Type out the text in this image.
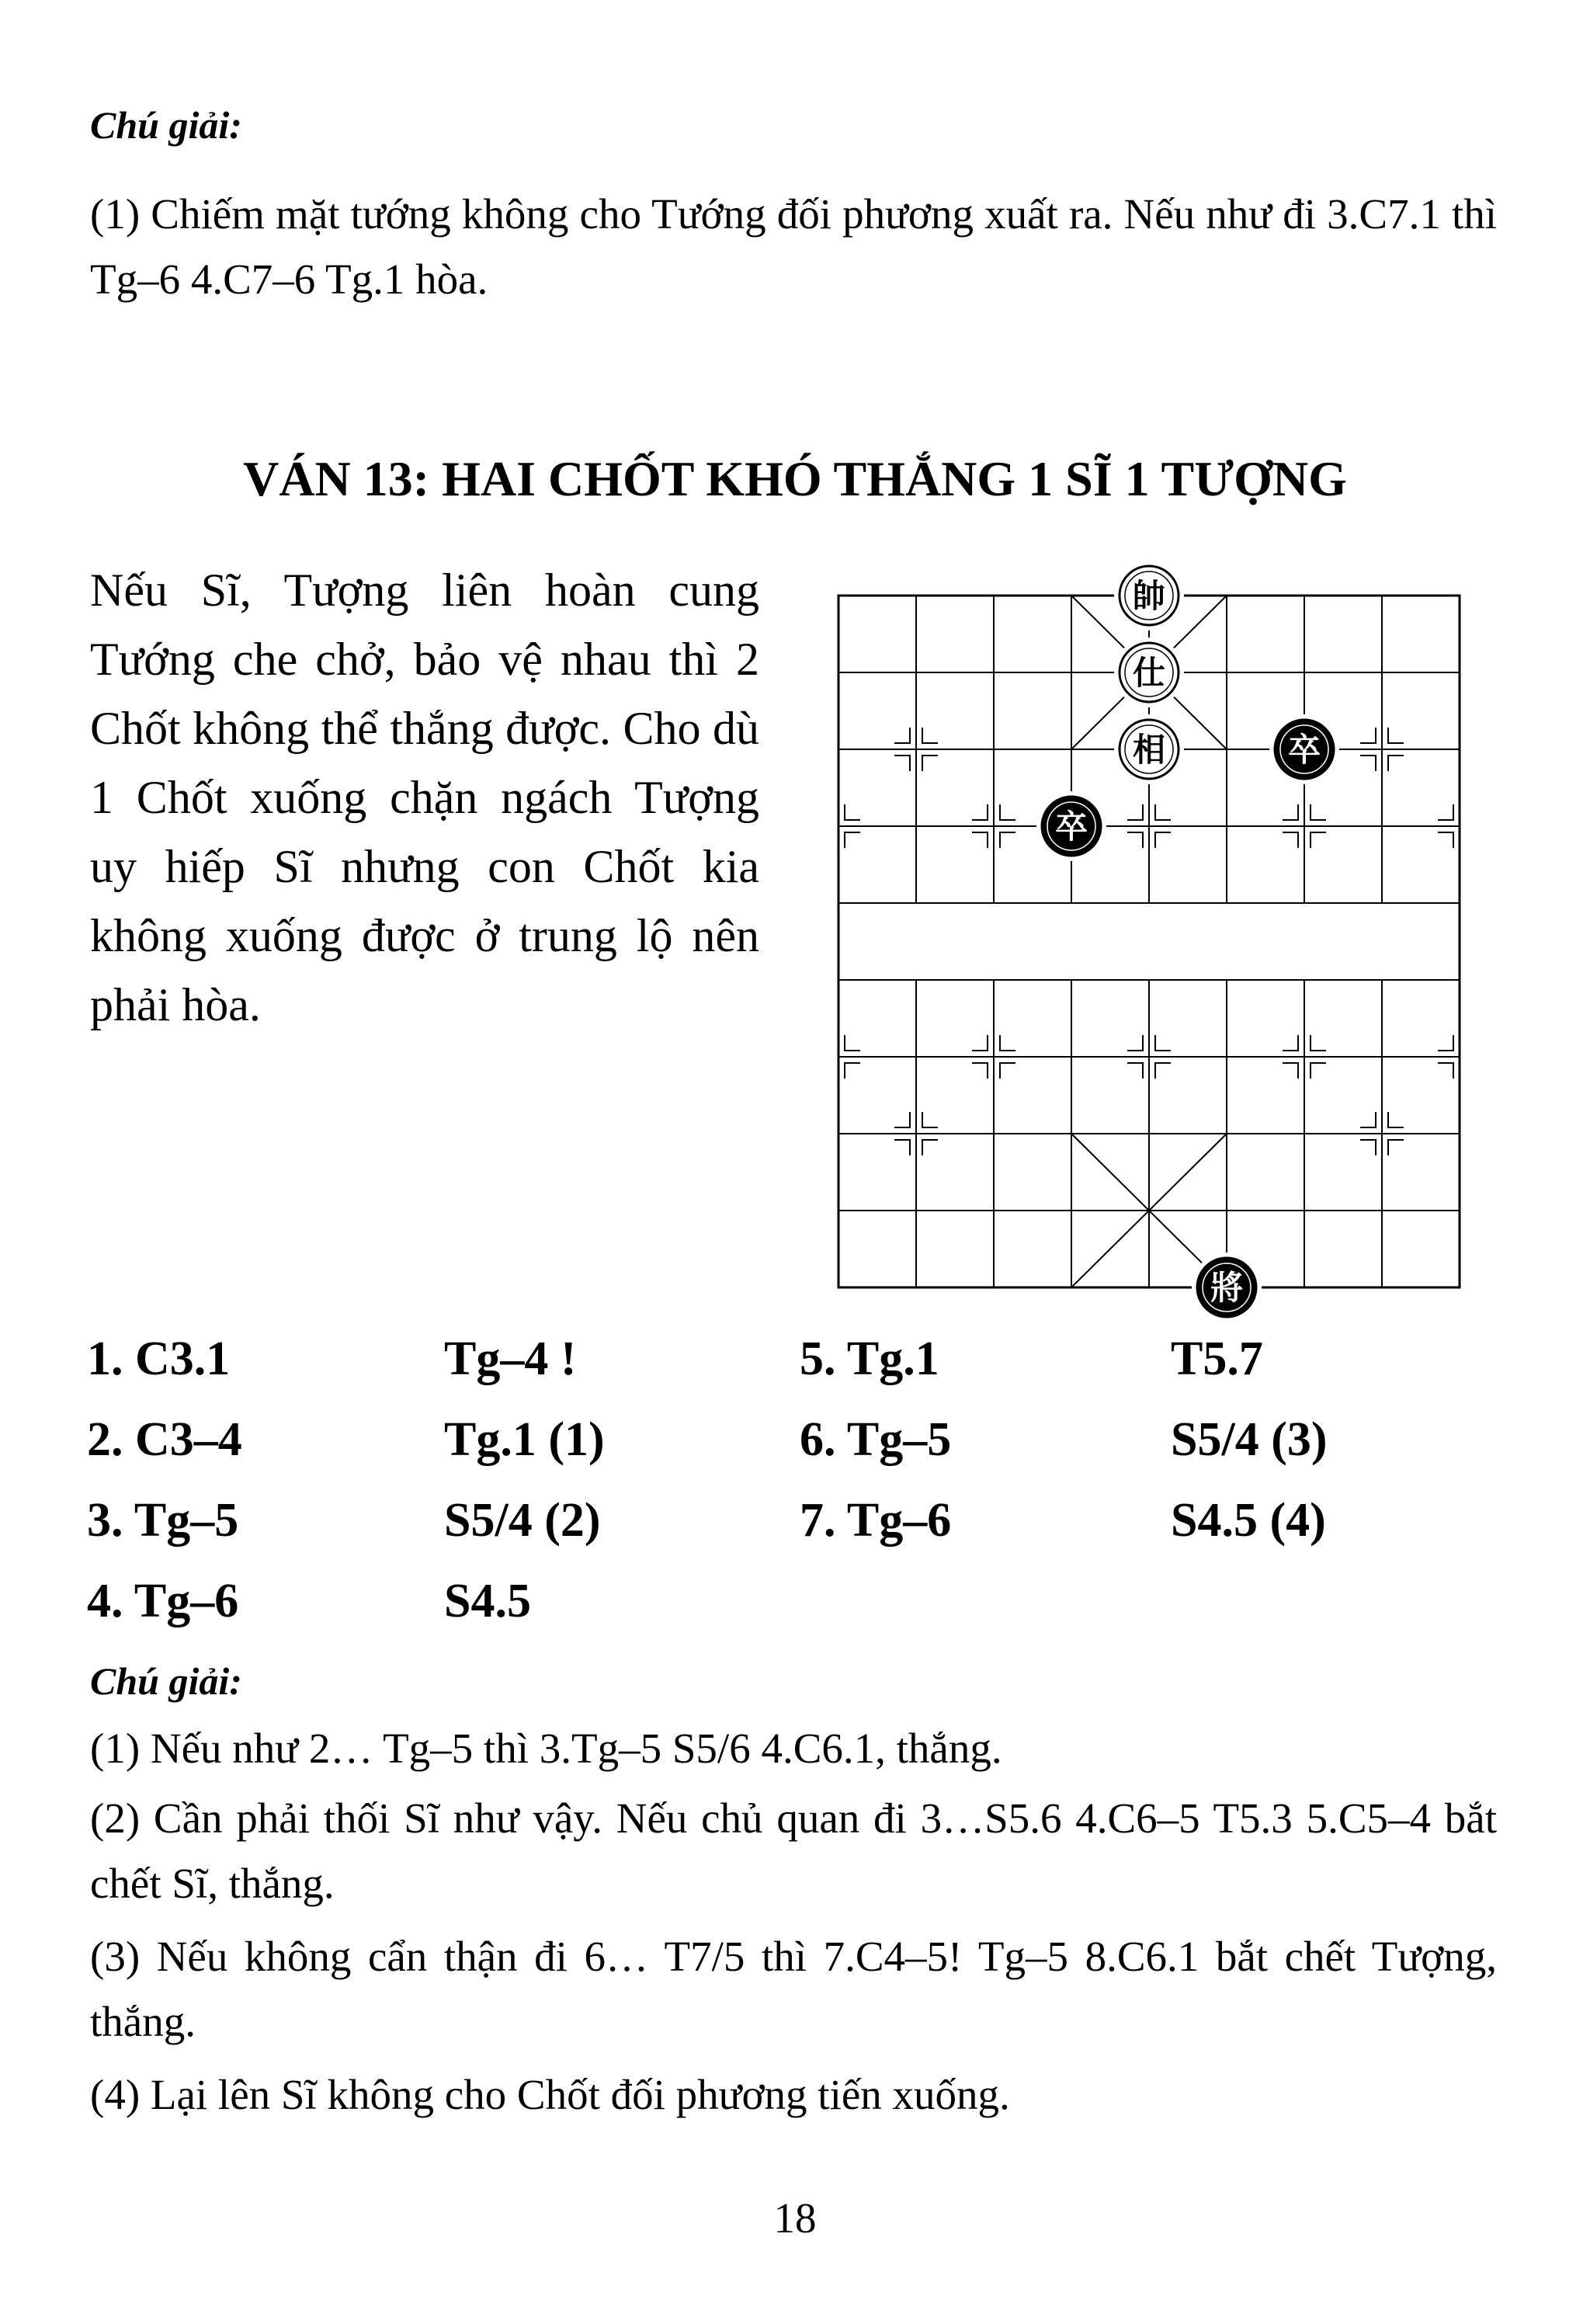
Chú giải:
(1) Chiếm mặt tướng không cho Tướng đối phương xuất ra. Nếu như đi 3.C7.1 thì Tg–6 4.C7–6 Tg.1 hòa.
VÁN 13: HAI CHỐT KHÓ THẮNG 1 SĨ 1 TƯỢNG
Nếu Sĩ, Tượng liên hoàn cung Tướng che chở, bảo vệ nhau thì 2 Chốt không thể thắng được. Cho dù 1 Chốt xuống chặn ngách Tượng uy hiếp Sĩ nhưng con Chốt kia không xuống được ở trung lộ nên phải hòa.
帥
仕
相	卒
卒
將
1. C3.1	Tg–4 !	5. Tg.1	T5.7
2. C3–4	Tg.1 (1)	6. Tg–5	S5/4 (3)
3. Tg–5	S5/4 (2)	7. Tg–6	S4.5 (4)
4. Tg–6	S4.5
Chú giải:
(1) Nếu như 2… Tg–5 thì 3.Tg–5 S5/6 4.C6.1, thắng.
(2) Cần phải thối Sĩ như vậy. Nếu chủ quan đi 3…S5.6 4.C6–5 T5.3 5.C5–4 bắt chết Sĩ, thắng.
(3) Nếu không cẩn thận đi 6… T7/5 thì 7.C4–5! Tg–5 8.C6.1 bắt chết Tượng, thắng.
(4) Lại lên Sĩ không cho Chốt đối phương tiến xuống.
18
